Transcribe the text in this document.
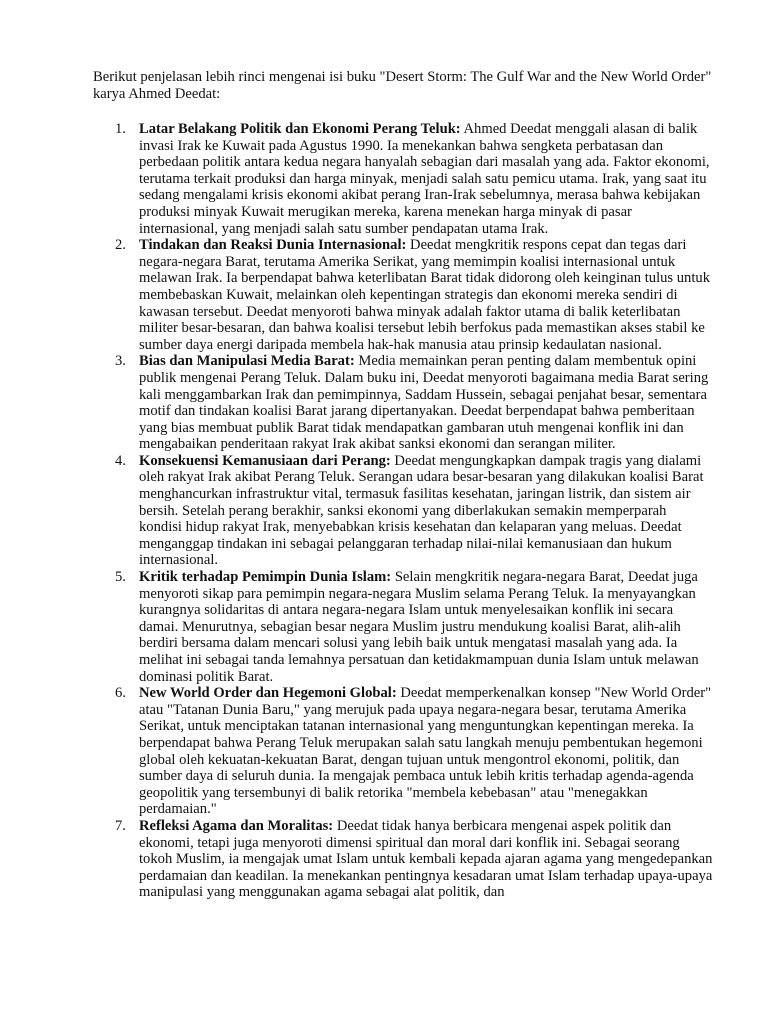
Berikut penjelasan lebih rinci mengenai isi buku "Desert Storm: The Gulf War and the New World Order" karya Ahmed Deedat:

1. Latar Belakang Politik dan Ekonomi Perang Teluk: Ahmed Deedat menggali alasan di balik invasi Irak ke Kuwait pada Agustus 1990. Ia menekankan bahwa sengketa perbatasan dan perbedaan politik antara kedua negara hanyalah sebagian dari masalah yang ada. Faktor ekonomi, terutama terkait produksi dan harga minyak, menjadi salah satu pemicu utama. Irak, yang saat itu sedang mengalami krisis ekonomi akibat perang Iran-Irak sebelumnya, merasa bahwa kebijakan produksi minyak Kuwait merugikan mereka, karena menekan harga minyak di pasar internasional, yang menjadi salah satu sumber pendapatan utama Irak.
2. Tindakan dan Reaksi Dunia Internasional: Deedat mengkritik respons cepat dan tegas dari negara-negara Barat, terutama Amerika Serikat, yang memimpin koalisi internasional untuk melawan Irak. Ia berpendapat bahwa keterlibatan Barat tidak didorong oleh keinginan tulus untuk membebaskan Kuwait, melainkan oleh kepentingan strategis dan ekonomi mereka sendiri di kawasan tersebut. Deedat menyoroti bahwa minyak adalah faktor utama di balik keterlibatan militer besar-besaran, dan bahwa koalisi tersebut lebih berfokus pada memastikan akses stabil ke sumber daya energi daripada membela hak-hak manusia atau prinsip kedaulatan nasional.
3. Bias dan Manipulasi Media Barat: Media memainkan peran penting dalam membentuk opini publik mengenai Perang Teluk. Dalam buku ini, Deedat menyoroti bagaimana media Barat sering kali menggambarkan Irak dan pemimpinnya, Saddam Hussein, sebagai penjahat besar, sementara motif dan tindakan koalisi Barat jarang dipertanyakan. Deedat berpendapat bahwa pemberitaan yang bias membuat publik Barat tidak mendapatkan gambaran utuh mengenai konflik ini dan mengabaikan penderitaan rakyat Irak akibat sanksi ekonomi dan serangan militer.
4. Konsekuensi Kemanusiaan dari Perang: Deedat mengungkapkan dampak tragis yang dialami oleh rakyat Irak akibat Perang Teluk. Serangan udara besar-besaran yang dilakukan koalisi Barat menghancurkan infrastruktur vital, termasuk fasilitas kesehatan, jaringan listrik, dan sistem air bersih. Setelah perang berakhir, sanksi ekonomi yang diberlakukan semakin memperparah kondisi hidup rakyat Irak, menyebabkan krisis kesehatan dan kelaparan yang meluas. Deedat menganggap tindakan ini sebagai pelanggaran terhadap nilai-nilai kemanusiaan dan hukum internasional.
5. Kritik terhadap Pemimpin Dunia Islam: Selain mengkritik negara-negara Barat, Deedat juga menyoroti sikap para pemimpin negara-negara Muslim selama Perang Teluk. Ia menyayangkan kurangnya solidaritas di antara negara-negara Islam untuk menyelesaikan konflik ini secara damai. Menurutnya, sebagian besar negara Muslim justru mendukung koalisi Barat, alih-alih berdiri bersama dalam mencari solusi yang lebih baik untuk mengatasi masalah yang ada. Ia melihat ini sebagai tanda lemahnya persatuan dan ketidakmampuan dunia Islam untuk melawan dominasi politik Barat.
6. New World Order dan Hegemoni Global: Deedat memperkenalkan konsep "New World Order" atau "Tatanan Dunia Baru," yang merujuk pada upaya negara-negara besar, terutama Amerika Serikat, untuk menciptakan tatanan internasional yang menguntungkan kepentingan mereka. Ia berpendapat bahwa Perang Teluk merupakan salah satu langkah menuju pembentukan hegemoni global oleh kekuatan-kekuatan Barat, dengan tujuan untuk mengontrol ekonomi, politik, dan sumber daya di seluruh dunia. Ia mengajak pembaca untuk lebih kritis terhadap agenda-agenda geopolitik yang tersembunyi di balik retorika "membela kebebasan" atau "menegakkan perdamaian."
7. Refleksi Agama dan Moralitas: Deedat tidak hanya berbicara mengenai aspek politik dan ekonomi, tetapi juga menyoroti dimensi spiritual dan moral dari konflik ini. Sebagai seorang tokoh Muslim, ia mengajak umat Islam untuk kembali kepada ajaran agama yang mengedepankan perdamaian dan keadilan. Ia menekankan pentingnya kesadaran umat Islam terhadap upaya-upaya manipulasi yang menggunakan agama sebagai alat politik, dan
